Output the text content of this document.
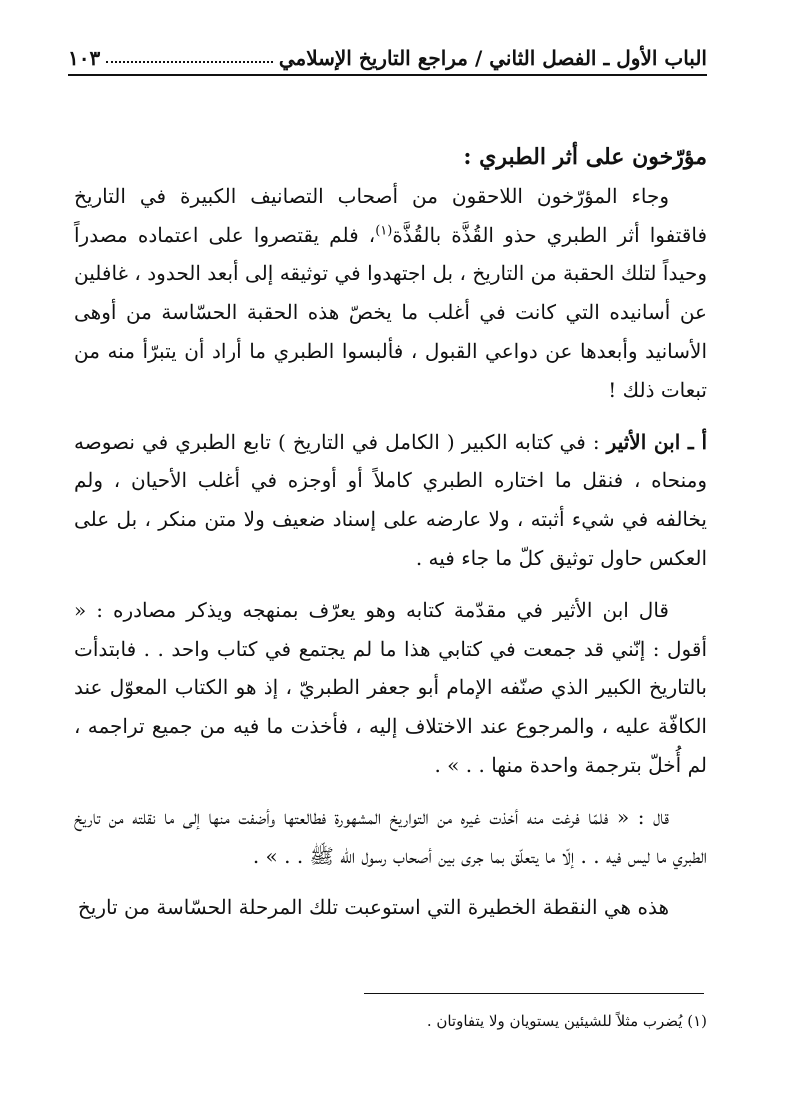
الباب الأول ـ الفصل الثاني / مراجع التاريخ الإسلامي
١٠٣

مؤرّخون على أثر الطبري :

وجاء المؤرّخون اللاحقون من أصحاب التصانيف الكبيرة في التاريخ فاقتفوا أثر الطبري حذو القُذَّة بالقُذَّة$^{(١)}$، فلم يقتصروا على اعتماده مصدراً وحيداً لتلك الحقبة من التاريخ ، بل اجتهدوا في توثيقه إلى أبعد الحدود ، غافلين عن أسانيده التي كانت في أغلب ما يخصّ هذه الحقبة الحسّاسة من أوهى الأسانيد وأبعدها عن دواعي القبول ، فألبسوا الطبري ما أراد أن يتبرّأ منه من تبعات ذلك !

أ ـ ابن الأثير : في كتابه الكبير ( الكامل في التاريخ ) تابع الطبري في نصوصه ومنحاه ، فنقل ما اختاره الطبري كاملاً أو أوجزه في أغلب الأحيان ، ولم يخالفه في شيء أثبته ، ولا عارضه على إسناد ضعيف ولا متن منكر ، بل على العكس حاول توثيق كلّ ما جاء فيه .

قال ابن الأثير في مقدّمة كتابه وهو يعرّف بمنهجه ويذكر مصادره : « أقول : إنّني قد جمعت في كتابي هذا ما لم يجتمع في كتاب واحد . . فابتدأت بالتاريخ الكبير الذي صنّفه الإمام أبو جعفر الطبريّ ، إذ هو الكتاب المعوّل عند الكافّة عليه ، والمرجوع عند الاختلاف إليه ، فأخذت ما فيه من جميع تراجمه ، لم أُخلّ بترجمة واحدة منها . . » .

قال : « فلمّا فرغت منه أخذت غيره من التواريخ المشهورة فطالعتها وأضفت منها إلى ما نقلته من تاريخ الطبري ما ليس فيه . . إلّا ما يتعلّق بما جرى بين أصحاب رسول الله ﷺ . . » .

هذه هي النقطة الخطيرة التي استوعبت تلك المرحلة الحسّاسة من تاريخ

(١) يُضرب مثلاً للشيئين يستويان ولا يتفاوتان .
